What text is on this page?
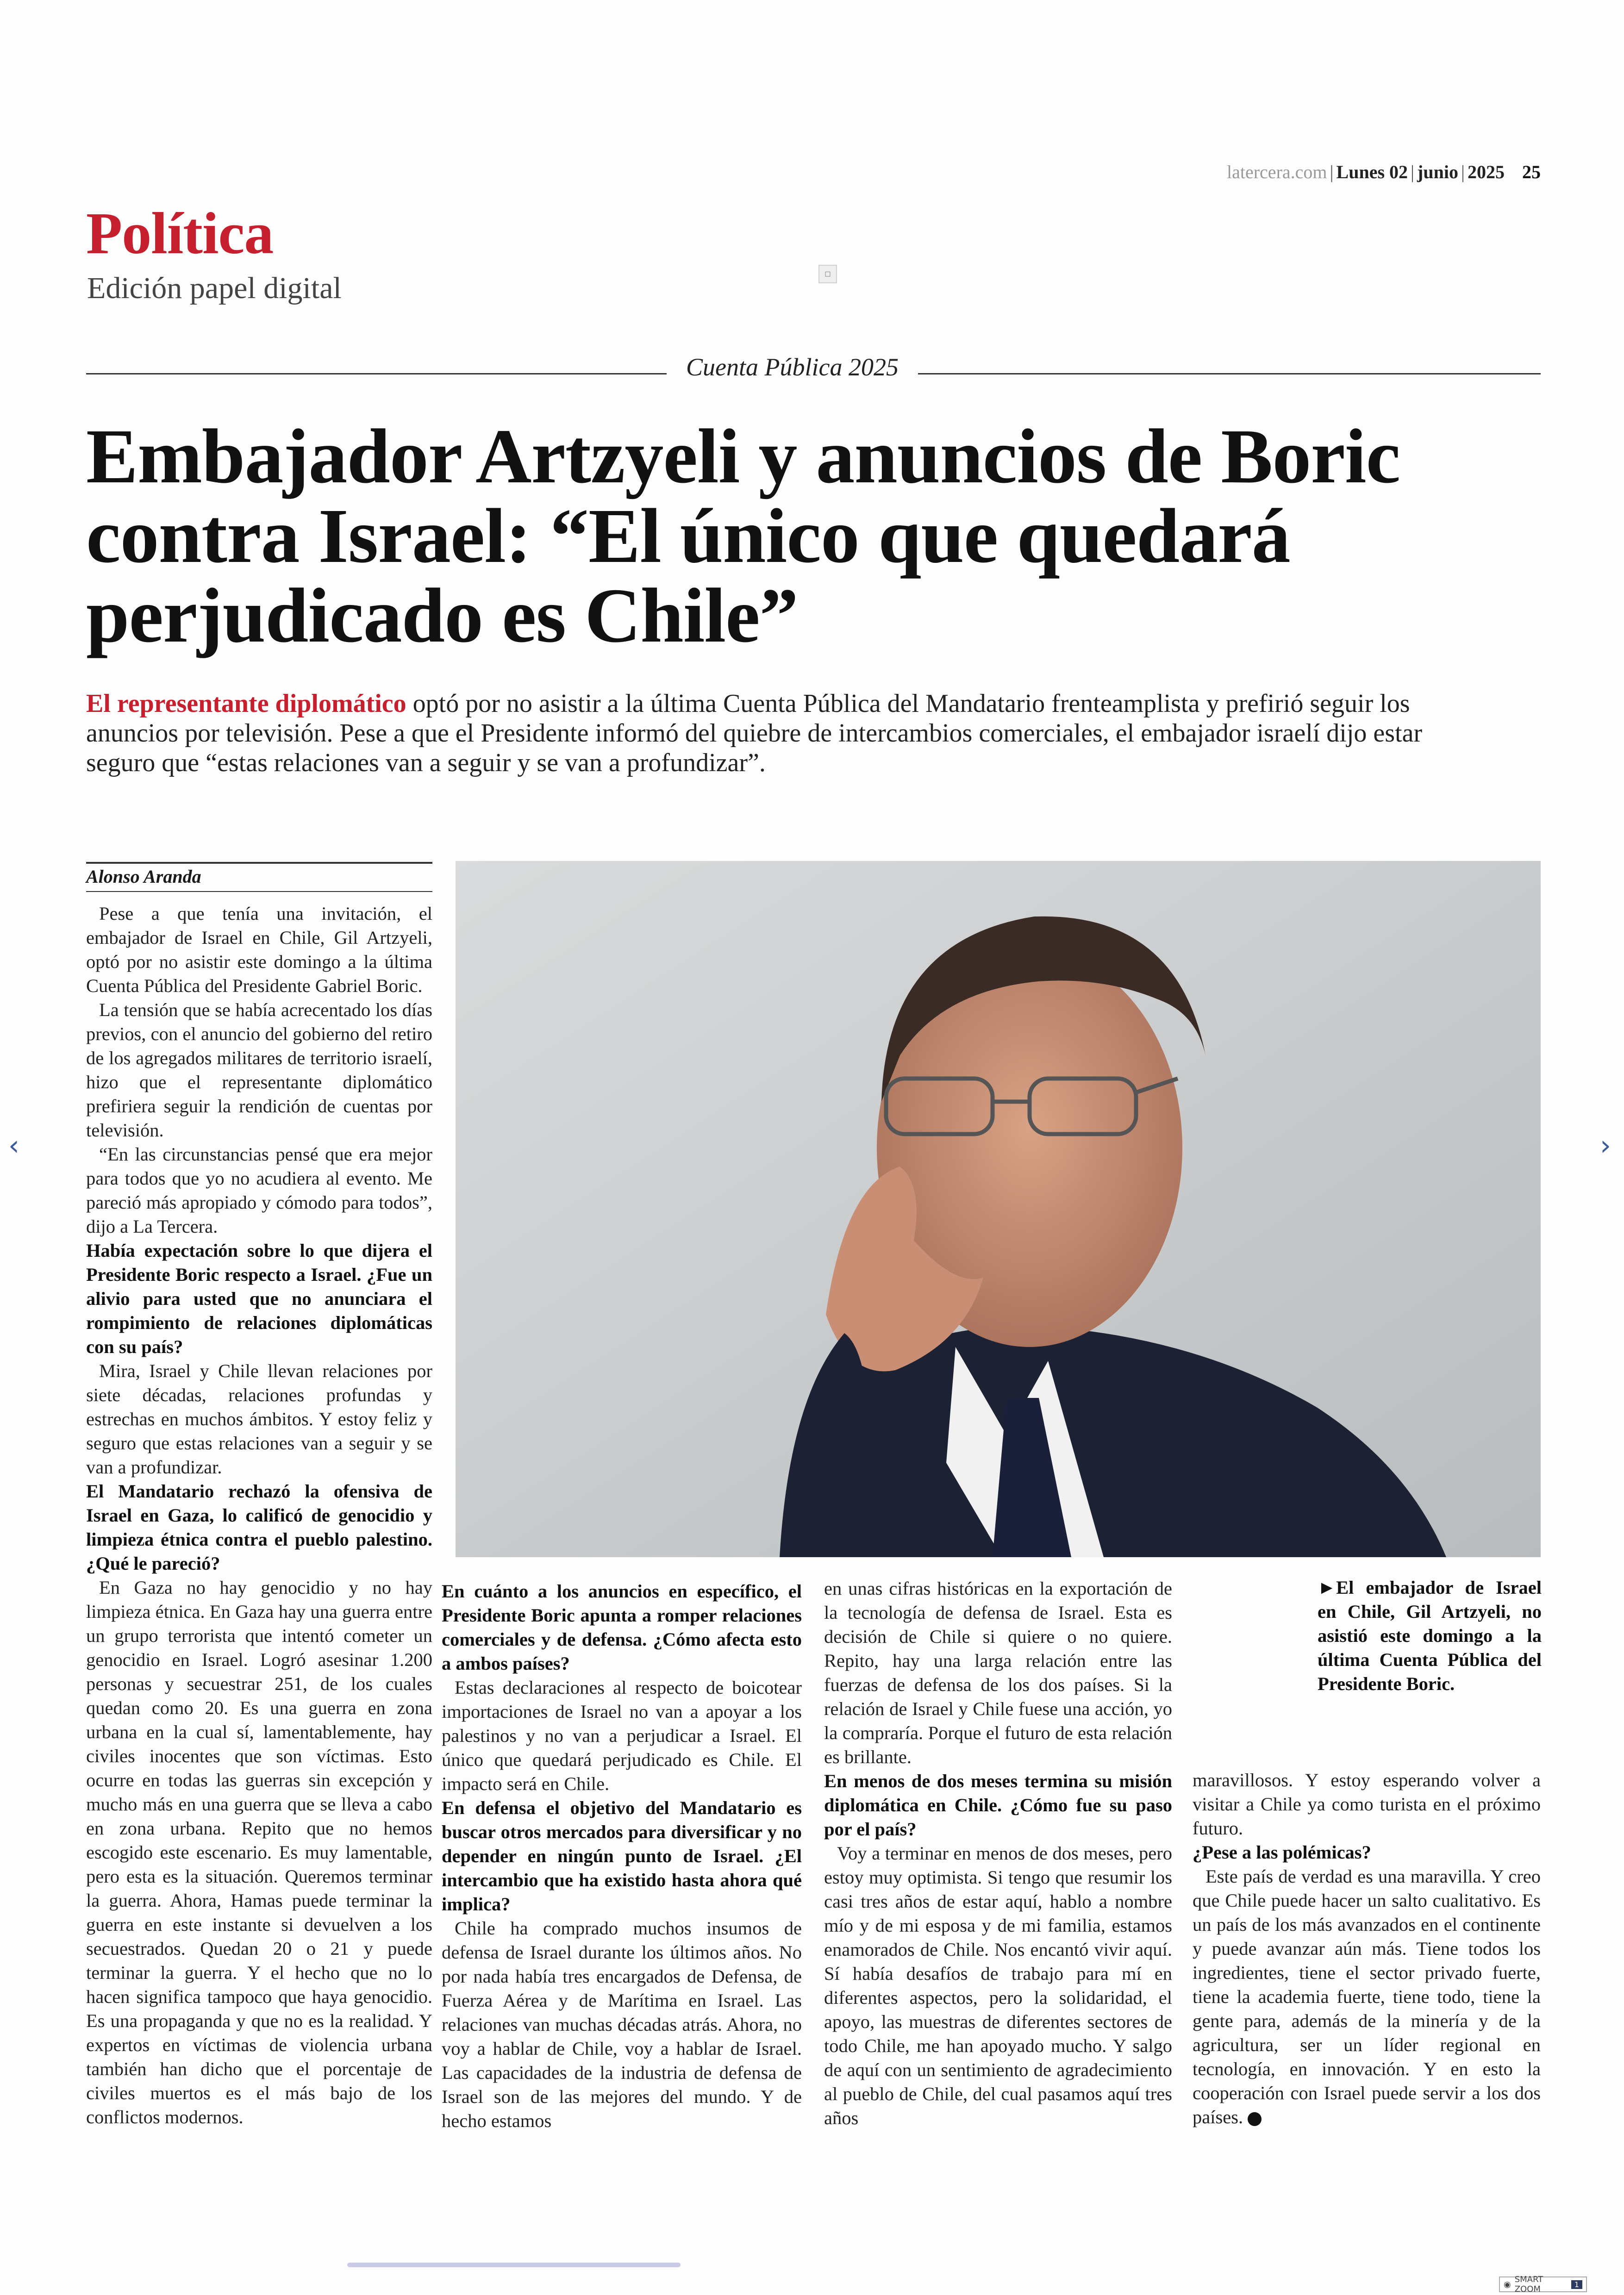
latercera.com | Lunes 02 | junio | 2025 25
Política
Edición papel digital	▫
Cuenta Pública 2025
Embajador Artzyeli y anuncios de Boric contra Israel: “El único que quedará perjudicado es Chile”

El representante diplomático optó por no asistir a la última Cuenta Pública del Mandatario frenteamplista y prefirió seguir los anuncios por televisión. Pese a que el Presidente informó del quiebre de intercambios comerciales, el embajador israelí dijo estar seguro que “estas relaciones van a seguir y se van a profundizar”.

Alonso Aranda

Pese a que tenía una invitación, el embajador de Israel en Chile, Gil Artzyeli, optó por no asistir este domingo a la última Cuenta Pública del Presidente Gabriel Boric.

La tensión que se había acrecentado los días previos, con el anuncio del gobierno del retiro de los agregados militares de territorio israelí, hizo que el representante diplomático prefiriera seguir la rendición de cuentas por televisión.

“En las circunstancias pensé que era mejor para todos que yo no acudiera al evento. Me pareció más apropiado y cómodo para todos”, dijo a La Tercera.

Había expectación sobre lo que dijera el Presidente Boric respecto a Israel. ¿Fue un alivio para usted que no anunciara el rompimiento de relaciones diplomáticas con su país?

Mira, Israel y Chile llevan relaciones por siete décadas, relaciones profundas y estrechas en muchos ámbitos. Y estoy feliz y seguro que estas relaciones van a seguir y se van a profundizar.

El Mandatario rechazó la ofensiva de Israel en Gaza, lo calificó de genocidio y limpieza étnica contra el pueblo palestino. ¿Qué le pareció?

En Gaza no hay genocidio y no hay limpieza étnica. En Gaza hay una guerra entre un grupo terrorista que intentó cometer un genocidio en Israel. Logró asesinar 1.200 personas y secuestrar 251, de los cuales quedan como 20. Es una guerra en zona urbana en la cual sí, lamentablemente, hay civiles inocentes que son víctimas. Esto ocurre en todas las guerras sin excepción y mucho más en una guerra que se lleva a cabo en zona urbana. Repito que no hemos escogido este escenario. Es muy lamentable, pero esta es la situación. Queremos terminar la guerra. Ahora, Hamas puede terminar la guerra en este instante si devuelven a los secuestrados. Quedan 20 o 21 y puede terminar la guerra. Y el hecho que no lo hacen significa tampoco que haya genocidio. Es una propaganda y que no es la realidad. Y expertos en víctimas de violencia urbana también han dicho que el porcentaje de civiles muertos es el más bajo de los conflictos modernos.

En cuánto a los anuncios en específico, el Presidente Boric apunta a romper relaciones comerciales y de defensa. ¿Cómo afecta esto a ambos países?

Estas declaraciones al respecto de boicotear importaciones de Israel no van a apoyar a los palestinos y no van a perjudicar a Israel. El único que quedará perjudicado es Chile. El impacto será en Chile.

En defensa el objetivo del Mandatario es buscar otros mercados para diversificar y no depender en ningún punto de Israel. ¿El intercambio que ha existido hasta ahora qué implica?

Chile ha comprado muchos insumos de defensa de Israel durante los últimos años. No por nada había tres encargados de Defensa, de Fuerza Aérea y de Marítima en Israel. Las relaciones van muchas décadas atrás. Ahora, no voy a hablar de Chile, voy a hablar de Israel. Las capacidades de la industria de defensa de Israel son de las mejores del mundo. Y de hecho estamos

en unas cifras históricas en la exportación de la tecnología de defensa de Israel. Esta es decisión de Chile si quiere o no quiere. Repito, hay una larga relación entre las fuerzas de defensa de los dos países. Si la relación de Israel y Chile fuese una acción, yo la compraría. Porque el futuro de esta relación es brillante.

En menos de dos meses termina su misión diplomática en Chile. ¿Cómo fue su paso por el país?

Voy a terminar en menos de dos meses, pero estoy muy optimista. Si tengo que resumir los casi tres años de estar aquí, hablo a nombre mío y de mi esposa y de mi familia, estamos enamorados de Chile. Nos encantó vivir aquí. Sí había desafíos de trabajo para mí en diferentes aspectos, pero la solidaridad, el apoyo, las muestras de diferentes sectores de todo Chile, me han apoyado mucho. Y salgo de aquí con un sentimiento de agradecimiento al pueblo de Chile, del cual pasamos aquí tres años

maravillosos. Y estoy esperando volver a visitar a Chile ya como turista en el próximo futuro.

¿Pese a las polémicas?

Este país de verdad es una maravilla. Y creo que Chile puede hacer un salto cualitativo. Es un país de los más avanzados en el continente y puede avanzar aún más. Tiene todos los ingredientes, tiene el sector privado fuerte, tiene la academia fuerte, tiene todo, tiene la gente para, además de la minería y de la agricultura, ser un líder regional en tecnología, en innovación. Y en esto la cooperación con Israel puede servir a los dos países.

►El embajador de Israel en Chile, Gil Artzyeli, no asistió este domingo a la última Cuenta Pública del Presidente Boric.
‹	›
◉ SMART ZOOM	1
